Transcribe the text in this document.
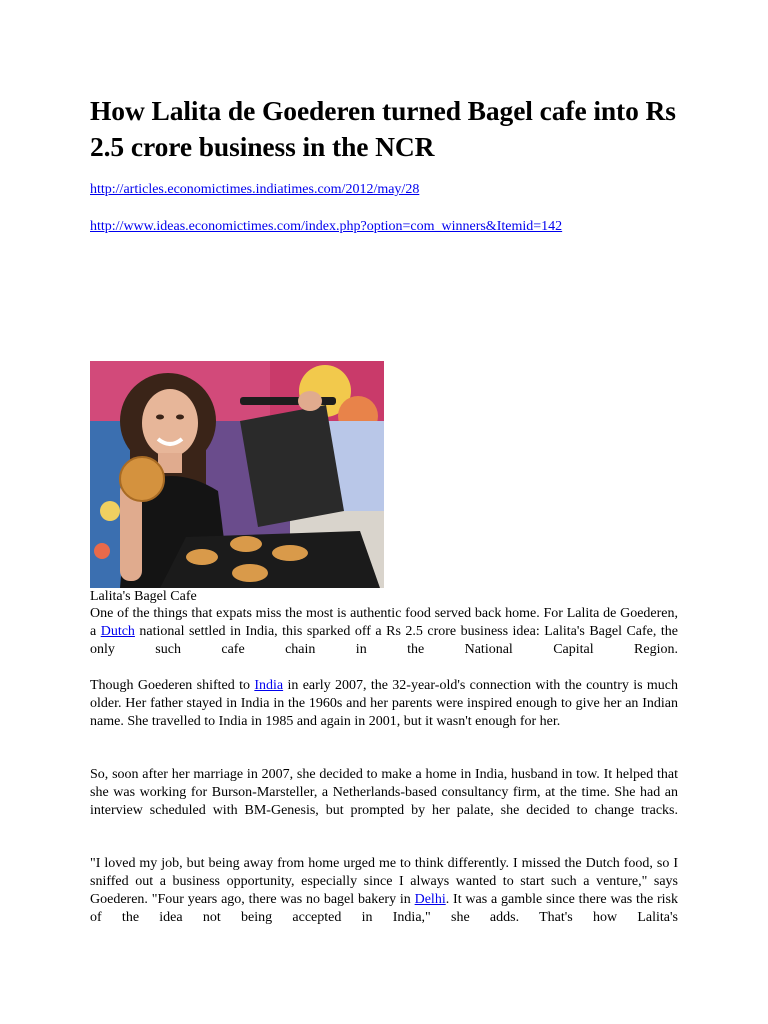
How Lalita de Goederen turned Bagel cafe into Rs 2.5 crore business in the NCR
http://articles.economictimes.indiatimes.com/2012/may/28
http://www.ideas.economictimes.com/index.php?option=com_winners&Itemid=142
Lalita's Bagel Cafe

One of the things that expats miss the most is authentic food served back home. For Lalita de Goederen, a Dutch national settled in India, this sparked off a Rs 2.5 crore business idea: Lalita's Bagel Cafe, the only such cafe chain in the National Capital Region.

Though Goederen shifted to India in early 2007, the 32-year-old's connection with the country is much older. Her father stayed in India in the 1960s and her parents were inspired enough to give her an Indian name. She travelled to India in 1985 and again in 2001, but it wasn't enough for her.

So, soon after her marriage in 2007, she decided to make a home in India, husband in tow. It helped that she was working for Burson-Marsteller, a Netherlands-based consultancy firm, at the time. She had an interview scheduled with BM-Genesis, but prompted by her palate, she decided to change tracks.

"I loved my job, but being away from home urged me to think differently. I missed the Dutch food, so I sniffed out a business opportunity, especially since I always wanted to start such a venture," says Goederen. "Four years ago, there was no bagel bakery in Delhi. It was a gamble since there was the risk of the idea not being accepted in India," she adds. That's how Lalita's
